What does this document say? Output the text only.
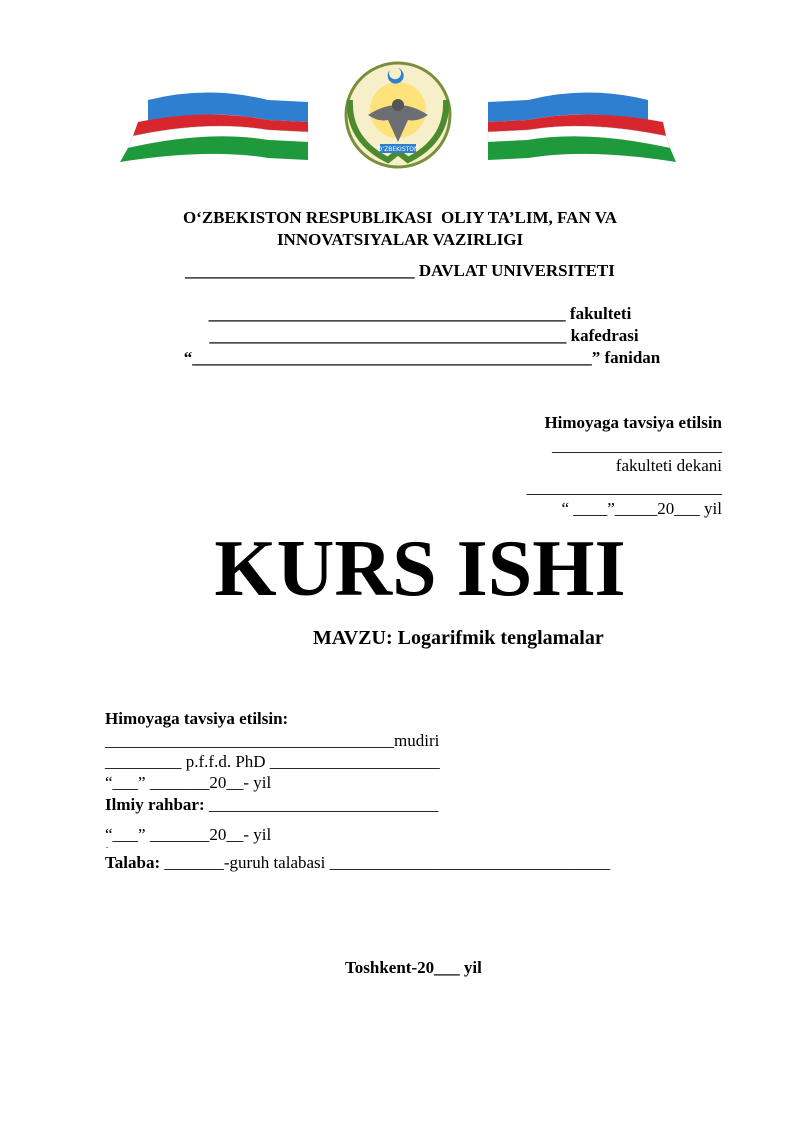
O‘ZBEKISTON
O‘ZBEKISTON RESPUBLIKASI  OLIY TA’LIM, FAN VA
INNOVATSIYALAR VAZIRLIGI
___________________________ DAVLAT UNIVERSITETI
__________________________________________ fakulteti
__________________________________________ kafedrasi
“_______________________________________________” fanidan
Himoyaga tavsiya etilsin
____________________
fakulteti dekani
_______________________
“ ____”_____20___ yil
KURS ISHI
MAVZU: Logarifmik tenglamalar
Himoyaga tavsiya etilsin:
__________________________________mudiri
_________ p.f.f.d. PhD ____________________
“___” _______20__- yil
Ilmiy rahbar: ___________________________
“___” _______20__- yil
ˇ
Talaba: _______-guruh talabasi _________________________________
Toshkent-20___ yil
